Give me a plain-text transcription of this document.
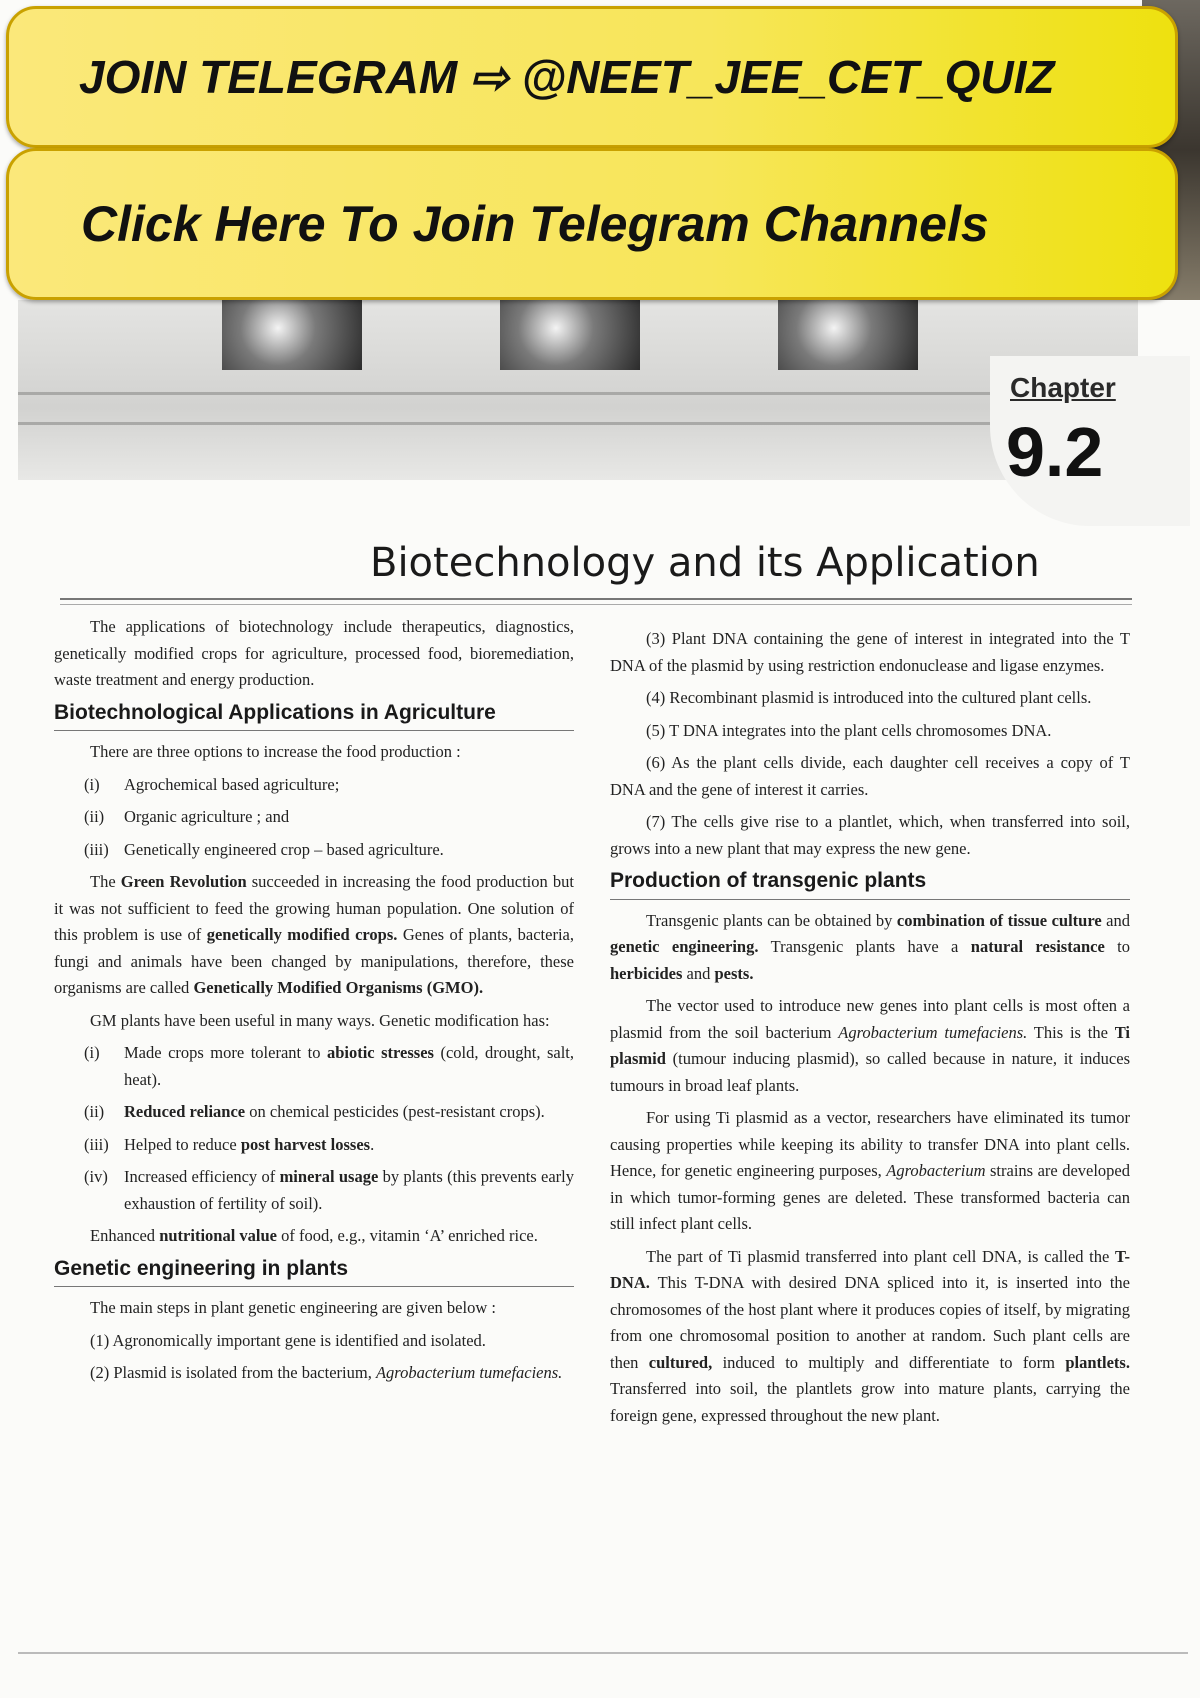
JOIN TELEGRAM ⇨ @NEET_JEE_CET_QUIZ
Click Here To Join Telegram Channels
Chapter
9.2
Biotechnology and its Application

The applications of biotechnology include therapeutics, diagnostics, genetically modified crops for agriculture, processed food, bioremediation, waste treatment and energy production.

Biotechnological Applications in Agriculture

There are three options to increase the food production :

(i)	Agrochemical based agriculture;
(ii)	Organic agriculture ; and
(iii) Genetically engineered crop – based agriculture.

The Green Revolution succeeded in increasing the food production but it was not sufficient to feed the growing human population. One solution of this problem is use of genetically modified crops. Genes of plants, bacteria, fungi and animals have been changed by manipulations, therefore, these organisms are called Genetically Modified Organisms (GMO).

GM plants have been useful in many ways. Genetic modification has:

(i)	Made crops more tolerant to abiotic stresses (cold, drought, salt, heat).
(ii)	Reduced reliance on chemical pesticides (pest-resistant crops).
(iii) Helped to reduce post harvest losses.
(iv) Increased efficiency of mineral usage by plants (this prevents early exhaustion of fertility of soil).

Enhanced nutritional value of food, e.g., vitamin ‘A’ enriched rice.

Genetic engineering in plants

The main steps in plant genetic engineering are given below :

(1) Agronomically important gene is identified and isolated.

(2) Plasmid is isolated from the bacterium, Agrobacterium tumefaciens.

(3) Plant DNA containing the gene of interest in integrated into the T DNA of the plasmid by using restriction endonuclease and ligase enzymes.

(4) Recombinant plasmid is introduced into the cultured plant cells.

(5) T DNA integrates into the plant cells chromosomes DNA.

(6) As the plant cells divide, each daughter cell receives a copy of T DNA and the gene of interest it carries.

(7) The cells give rise to a plantlet, which, when transferred into soil, grows into a new plant that may express the new gene.

Production of transgenic plants

Transgenic plants can be obtained by combination of tissue culture and genetic engineering. Transgenic plants have a natural resistance to herbicides and pests.

The vector used to introduce new genes into plant cells is most often a plasmid from the soil bacterium Agrobacterium tumefaciens. This is the Ti plasmid (tumour inducing plasmid), so called because in nature, it induces tumours in broad leaf plants.

For using Ti plasmid as a vector, researchers have eliminated its tumor causing properties while keeping its ability to transfer DNA into plant cells. Hence, for genetic engineering purposes, Agrobacterium strains are developed in which tumor-forming genes are deleted. These transformed bacteria can still infect plant cells.

The part of Ti plasmid transferred into plant cell DNA, is called the T-DNA. This T-DNA with desired DNA spliced into it, is inserted into the chromosomes of the host plant where it produces copies of itself, by migrating from one chromosomal position to another at random. Such plant cells are then cultured, induced to multiply and differentiate to form plantlets. Transferred into soil, the plantlets grow into mature plants, carrying the foreign gene, expressed throughout the new plant.
